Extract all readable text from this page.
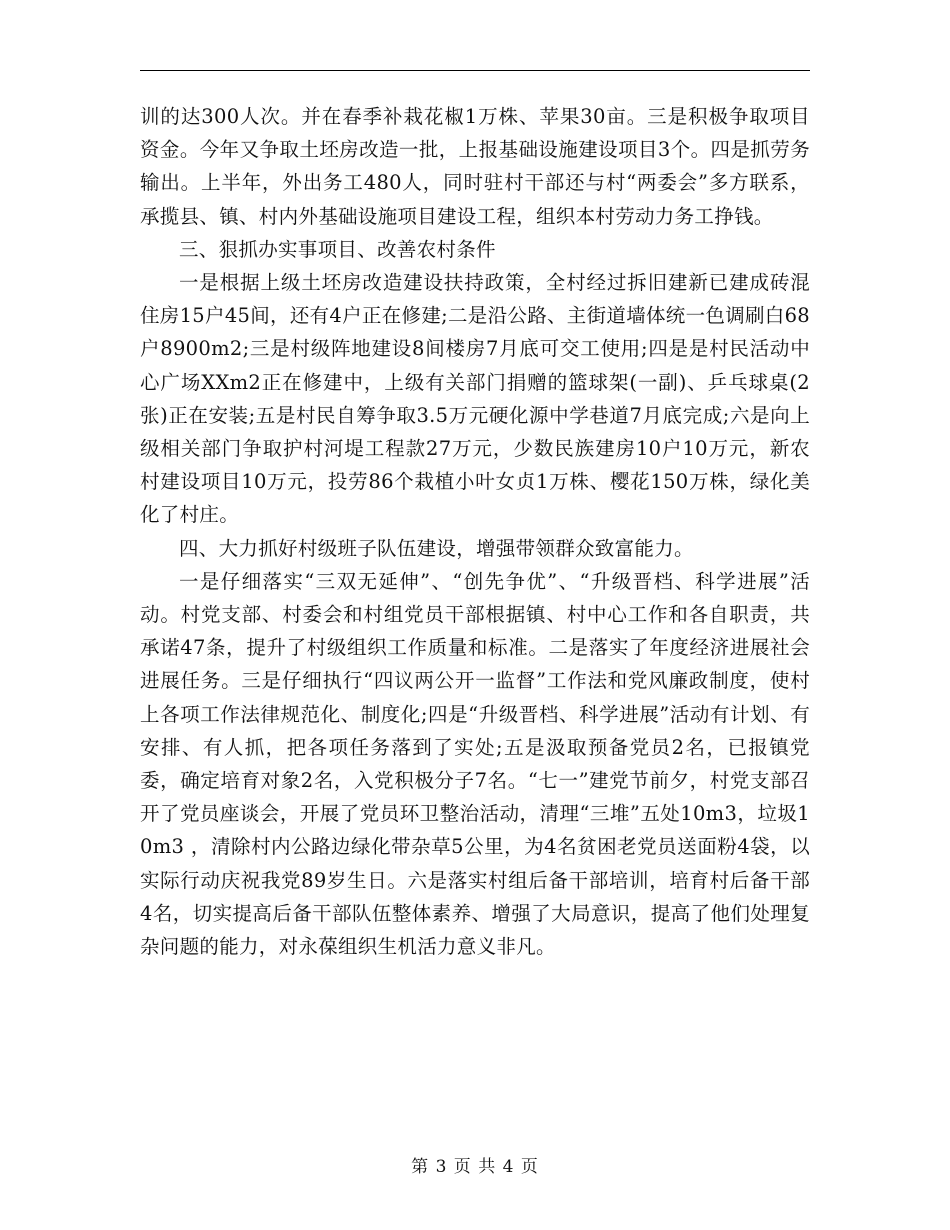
训的达300人次。并在春季补栽花椒1万株、苹果30亩。三是积极争取项目资金。今年又争取土坯房改造一批，上报基础设施建设项目3个。四是抓劳务输出。上半年，外出务工480人，同时驻村干部还与村“两委会”多方联系，承揽县、镇、村内外基础设施项目建设工程，组织本村劳动力务工挣钱。

三、狠抓办实事项目、改善农村条件

一是根据上级土坯房改造建设扶持政策，全村经过拆旧建新已建成砖混住房15户45间，还有4户正在修建;二是沿公路、主街道墙体统一色调刷白68户8900m2;三是村级阵地建设8间楼房7月底可交工使用;四是是村民活动中心广场XXm2正在修建中，上级有关部门捐赠的篮球架(一副)、乒乓球桌(2张)正在安装;五是村民自筹争取3.5万元硬化源中学巷道7月底完成;六是向上级相关部门争取护村河堤工程款27万元，少数民族建房10户10万元，新农村建设项目10万元，投劳86个栽植小叶女贞1万株、樱花150万株，绿化美化了村庄。

四、大力抓好村级班子队伍建设，增强带领群众致富能力。

一是仔细落实“三双无延伸”、“创先争优”、“升级晋档、科学进展”活动。村党支部、村委会和村组党员干部根据镇、村中心工作和各自职责，共承诺47条，提升了村级组织工作质量和标准。二是落实了年度经济进展社会进展任务。三是仔细执行“四议两公开一监督”工作法和党风廉政制度，使村上各项工作法律规范化、制度化;四是“升级晋档、科学进展”活动有计划、有安排、有人抓，把各项任务落到了实处;五是汲取预备党员2名，已报镇党委，确定培育对象2名，入党积极分子7名。“七一”建党节前夕，村党支部召开了党员座谈会，开展了党员环卫整治活动，清理“三堆”五处10m3，垃圾10m3 ，清除村内公路边绿化带杂草5公里，为4名贫困老党员送面粉4袋，以实际行动庆祝我党89岁生日。六是落实村组后备干部培训，培育村后备干部4名，切实提高后备干部队伍整体素养、增强了大局意识，提高了他们处理复杂问题的能力，对永葆组织生机活力意义非凡。

第 3 页 共 4 页
